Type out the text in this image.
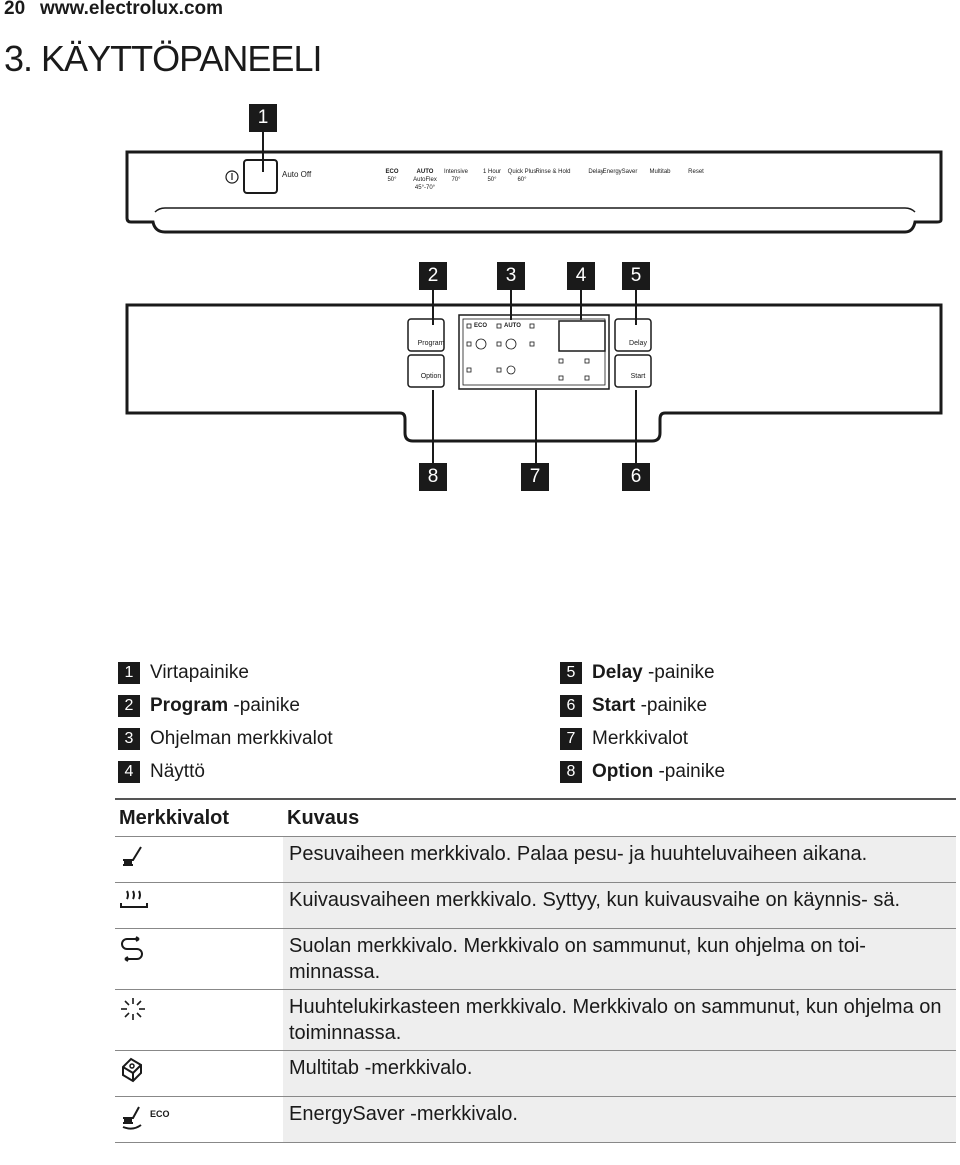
20 www.electrolux.com
3. KÄYTTÖPANEELI
1
Auto Off	ECO
50°
AUTO
AutoFlex
45°-70°
Intensive
70°
1 Hour
50°
Quick Plus
60°
Rinse & Hold	Delay
EnergySaver Multitab	Reset
2	3	4	5
Program
Option
Delay
Start
ECO	AUTO
8	7	6
1 Virtapainike
2 Program -painike
3 Ohjelman merkkivalot
4 Näyttö
5 Delay -painike
6 Start -painike
7 Merkkivalot
8 Option -painike
Merkkivalot	Kuvaus

	Pesuvaiheen merkkivalo. Palaa pesu- ja huuhteluvaiheen aikana.

	Kuivausvaiheen merkkivalo. Syttyy, kun kuivausvaihe on käynnis- sä.

	Suolan merkkivalo. Merkkivalo on sammunut, kun ohjelma on toi- minnassa.

	Huuhtelukirkasteen merkkivalo. Merkkivalo on sammunut, kun ohjelma on toiminnassa.

	Multitab -merkkivalo.

ECO	EnergySaver -merkkivalo.
